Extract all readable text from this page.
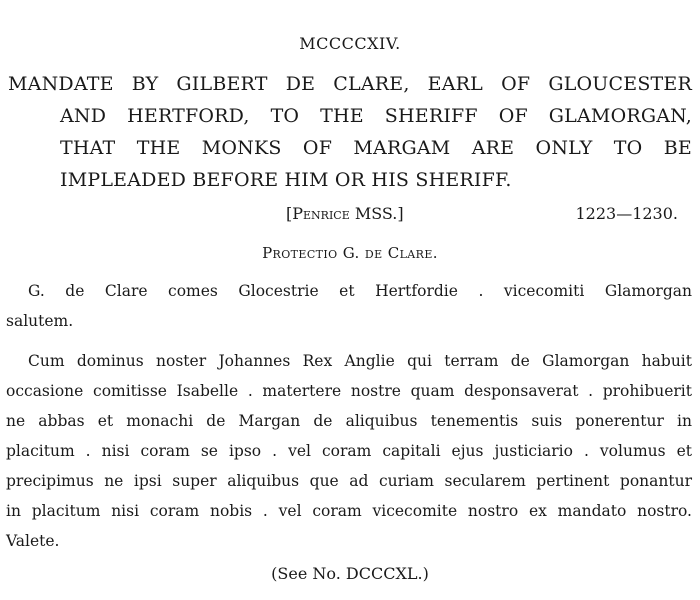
MCCCCXIV.
MANDATE BY GILBERT DE CLARE, EARL OF GLOUCESTER
AND HERTFORD, TO THE SHERIFF OF GLAMORGAN,
THAT THE MONKS OF MARGAM ARE ONLY TO BE
IMPLEADED BEFORE HIM OR HIS SHERIFF.
[Penrice MSS.]	1223—1230.
Protectio G. de Clare.
G. de Clare comes Glocestrie et Hertfordie . vicecomiti Glamorgan
salutem.
Cum dominus noster Johannes Rex Anglie qui terram de Glamorgan habuit
occasione comitisse Isabelle . matertere nostre quam desponsaverat . prohibuerit
ne abbas et monachi de Margan de aliquibus tenementis suis ponerentur in
placitum . nisi coram se ipso . vel coram capitali ejus justiciario . volumus et
precipimus ne ipsi super aliquibus que ad curiam secularem pertinent ponantur
in placitum nisi coram nobis . vel coram vicecomite nostro ex mandato nostro.
Valete.
(See No. DCCCXL.)
